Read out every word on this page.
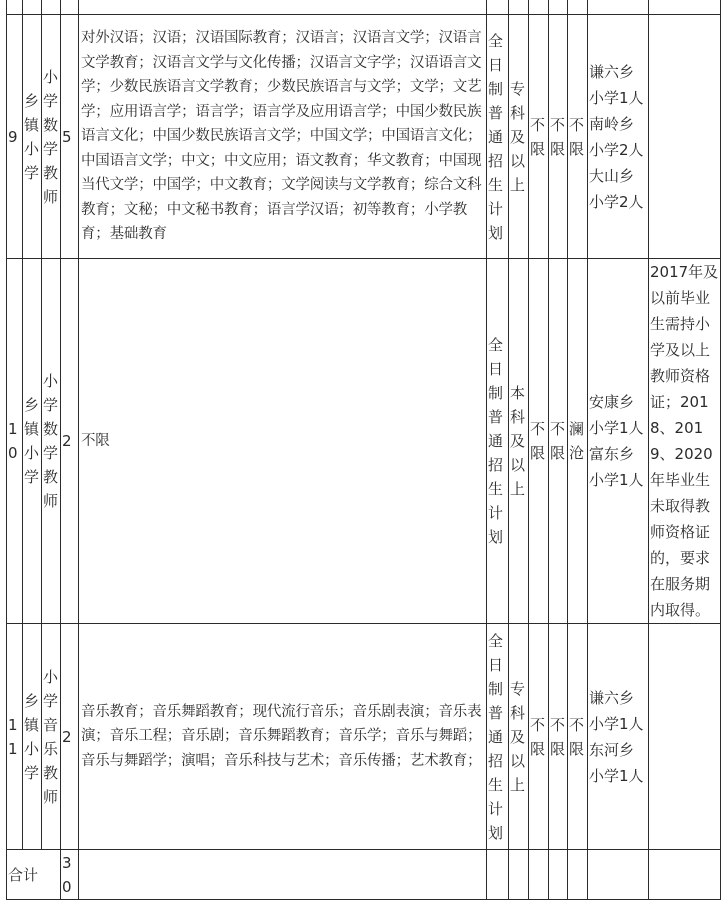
9	乡镇小学	小学数学教师	5	对外汉语；汉语；汉语国际教育；汉语言；汉语言文学；汉语言文学教育；汉语言文学与文化传播；汉语言文字学；汉语语言文学；少数民族语言文学教育；少数民族语言与文学；文学；文艺学；应用语言学；语言学；语言学及应用语言学；中国少数民族语言文化；中国少数民族语言文学；中国文学；中国语言文化；中国语言文学；中文；中文应用；语文教育；华文教育；中国现当代文学；中国学；中文教育；文学阅读与文学教育；综合文科教育；文秘；中文秘书教育；语言学汉语；初等教育；小学教育；基础教育	全日制普通招生计划	专科及以上	不限	不限	不限	谦六乡小学1人南岭乡小学2人大山乡小学2人	
10	乡镇小学	小学数学教师	2	不限	全日制普通招生计划	本科及以上	不限	不限	澜沧	安康乡小学1人富东乡小学1人	2017年及以前毕业生需持小学及以上教师资格证；2018、2019、2020年毕业生未取得教师资格证的，要求在服务期内取得。
11	乡镇小学	小学音乐教师	2	音乐教育；音乐舞蹈教育；现代流行音乐；音乐剧表演；音乐表演；音乐工程；音乐剧；音乐舞蹈教育；音乐学；音乐与舞蹈；音乐与舞蹈学；演唱；音乐科技与艺术；音乐传播；艺术教育；	全日制普通招生计划	专科及以上	不限	不限	不限	谦六乡小学1人东河乡小学1人	
合计			30								
